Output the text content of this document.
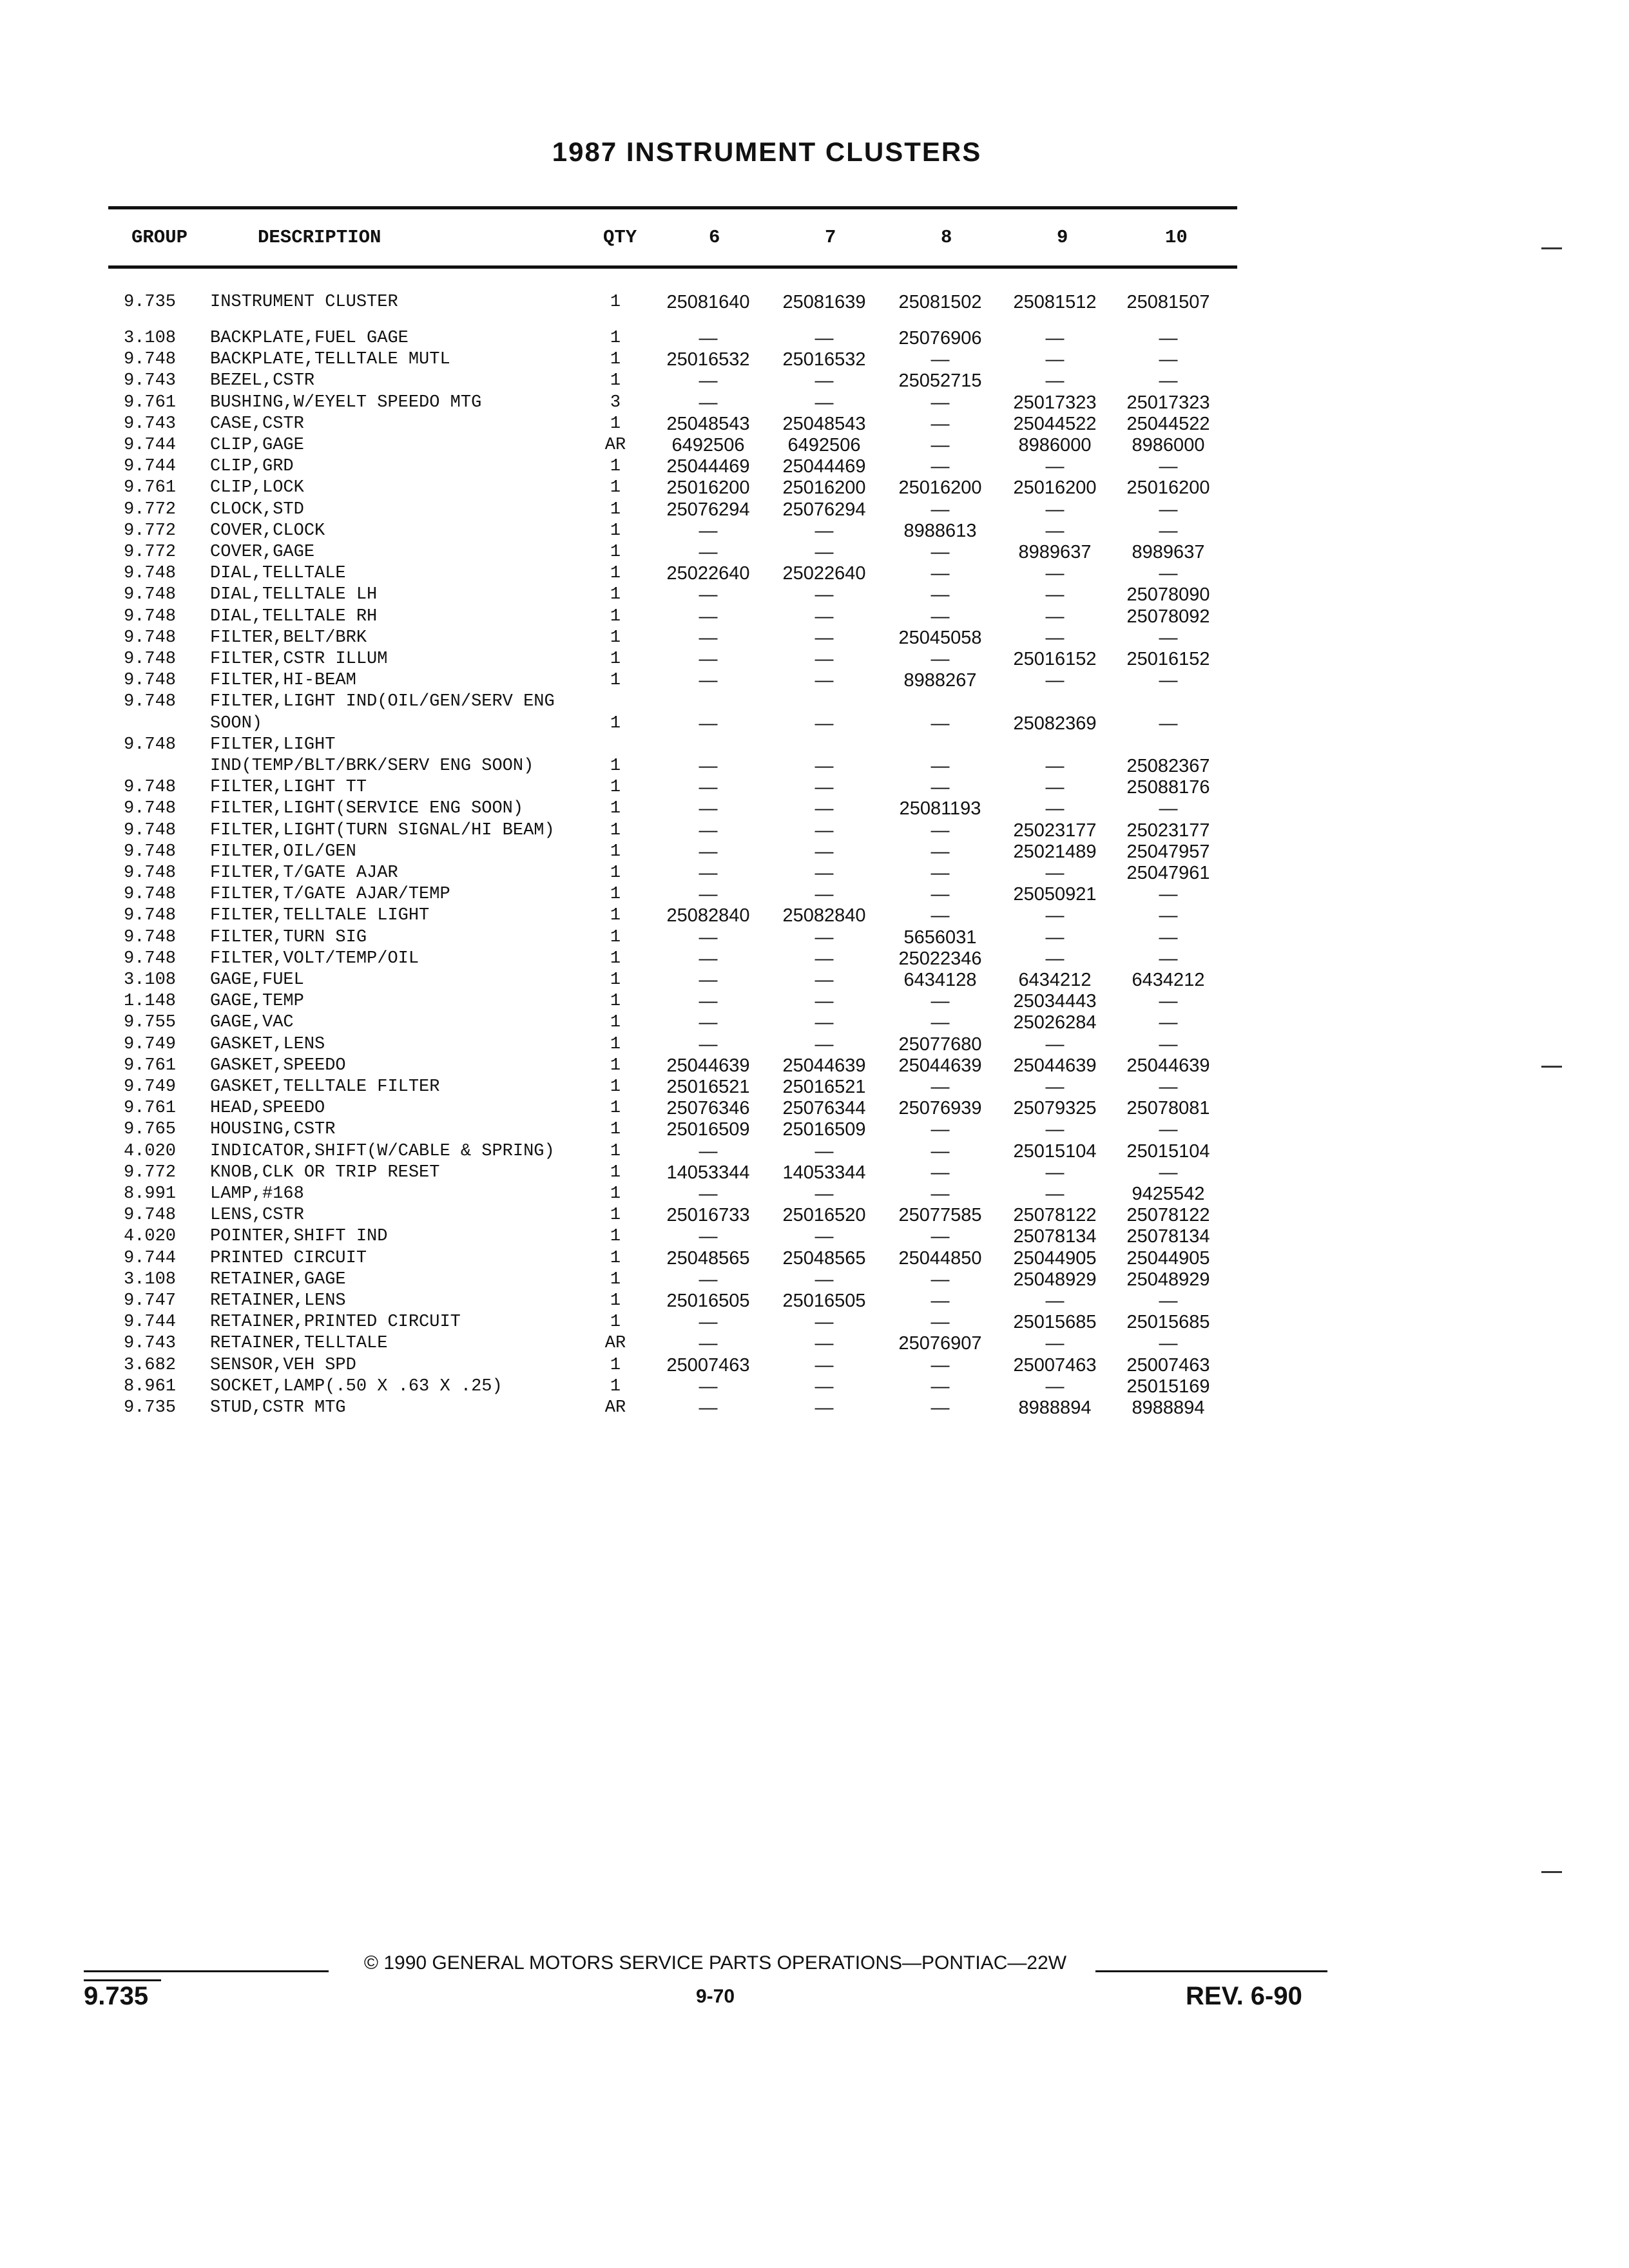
1987 INSTRUMENT CLUSTERS
GROUP	DESCRIPTION	QTY	6	7	8	9	10
9.735	INSTRUMENT CLUSTER	1	25081640	25081639	25081502	25081512	25081507
3.108	BACKPLATE,FUEL GAGE	1	—	—	25076906	—	—
9.748	BACKPLATE,TELLTALE MUTL	1	25016532	25016532	—	—	—
9.743	BEZEL,CSTR	1	—	—	25052715	—	—
9.761	BUSHING,W/EYELT SPEEDO MTG	3	—	—	—	25017323	25017323
9.743	CASE,CSTR	1	25048543	25048543	—	25044522	25044522
9.744	CLIP,GAGE	AR	6492506	6492506	—	8986000	8986000
9.744	CLIP,GRD	1	25044469	25044469	—	—	—
9.761	CLIP,LOCK	1	25016200	25016200	25016200	25016200	25016200
9.772	CLOCK,STD	1	25076294	25076294	—	—	—
9.772	COVER,CLOCK	1	—	—	8988613	—	—
9.772	COVER,GAGE	1	—	—	—	8989637	8989637
9.748	DIAL,TELLTALE	1	25022640	25022640	—	—	—
9.748	DIAL,TELLTALE LH	1	—	—	—	—	25078090
9.748	DIAL,TELLTALE RH	1	—	—	—	—	25078092
9.748	FILTER,BELT/BRK	1	—	—	25045058	—	—
9.748	FILTER,CSTR ILLUM	1	—	—	—	25016152	25016152
9.748	FILTER,HI-BEAM	1	—	—	8988267	—	—
9.748	FILTER,LIGHT IND(OIL/GEN/SERV ENG
SOON)	1	—	—	—	25082369	—
9.748	FILTER,LIGHT
IND(TEMP/BLT/BRK/SERV ENG SOON)	1	—	—	—	—	25082367
9.748	FILTER,LIGHT TT	1	—	—	—	—	25088176
9.748	FILTER,LIGHT(SERVICE ENG SOON)	1	—	—	25081193	—	—
9.748	FILTER,LIGHT(TURN SIGNAL/HI BEAM)	1	—	—	—	25023177	25023177
9.748	FILTER,OIL/GEN	1	—	—	—	25021489	25047957
9.748	FILTER,T/GATE AJAR	1	—	—	—	—	25047961
9.748	FILTER,T/GATE AJAR/TEMP	1	—	—	—	25050921	—
9.748	FILTER,TELLTALE LIGHT	1	25082840	25082840	—	—	—
9.748	FILTER,TURN SIG	1	—	—	5656031	—	—
9.748	FILTER,VOLT/TEMP/OIL	1	—	—	25022346	—	—
3.108	GAGE,FUEL	1	—	—	6434128	6434212	6434212
1.148	GAGE,TEMP	1	—	—	—	25034443	—
9.755	GAGE,VAC	1	—	—	—	25026284	—
9.749	GASKET,LENS	1	—	—	25077680	—	—
9.761	GASKET,SPEEDO	1	25044639	25044639	25044639	25044639	25044639
9.749	GASKET,TELLTALE FILTER	1	25016521	25016521	—	—	—
9.761	HEAD,SPEEDO	1	25076346	25076344	25076939	25079325	25078081
9.765	HOUSING,CSTR	1	25016509	25016509	—	—	—
4.020	INDICATOR,SHIFT(W/CABLE & SPRING)	1	—	—	—	25015104	25015104
9.772	KNOB,CLK OR TRIP RESET	1	14053344	14053344	—	—	—
8.991	LAMP,#168	1	—	—	—	—	9425542
9.748	LENS,CSTR	1	25016733	25016520	25077585	25078122	25078122
4.020	POINTER,SHIFT IND	1	—	—	—	25078134	25078134
9.744	PRINTED CIRCUIT	1	25048565	25048565	25044850	25044905	25044905
3.108	RETAINER,GAGE	1	—	—	—	25048929	25048929
9.747	RETAINER,LENS	1	25016505	25016505	—	—	—
9.744	RETAINER,PRINTED CIRCUIT	1	—	—	—	25015685	25015685
9.743	RETAINER,TELLTALE	AR	—	—	25076907	—	—
3.682	SENSOR,VEH SPD	1	25007463	—	—	25007463	25007463
8.961	SOCKET,LAMP(.50 X .63 X .25)	1	—	—	—	—	25015169
9.735	STUD,CSTR MTG	AR	—	—	—	8988894	8988894
© 1990 GENERAL MOTORS SERVICE PARTS OPERATIONS—PONTIAC—22W
9.735	9-70	REV. 6-90
